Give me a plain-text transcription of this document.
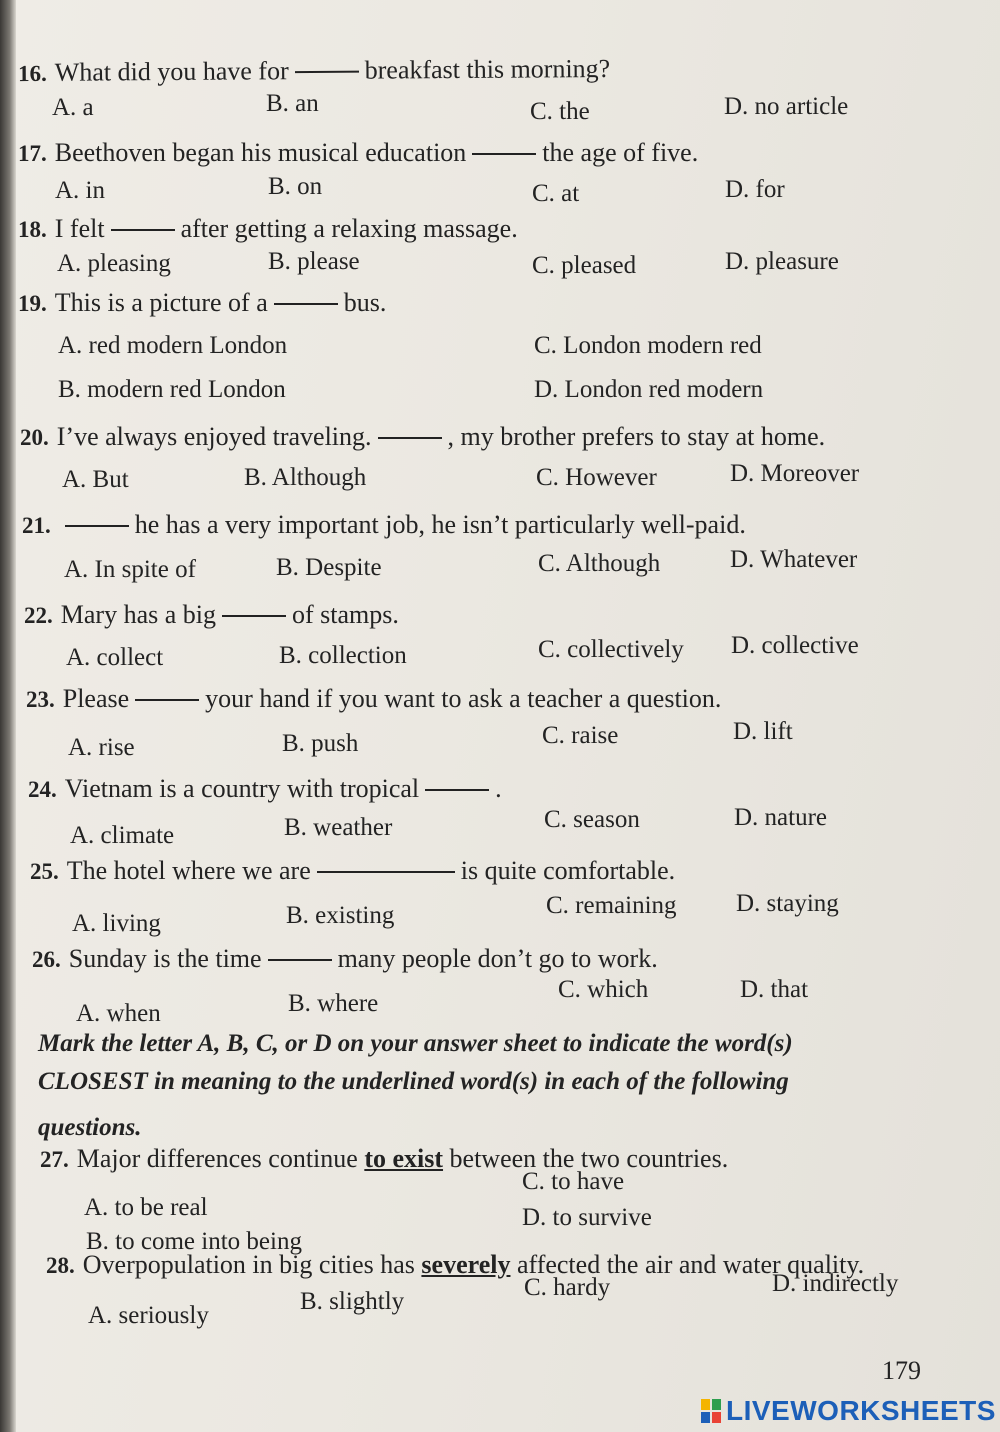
16. What did you have for	breakfast this morning?
A. a	B. an	C. the	D. no article
17. Beethoven began his musical education	the age of five.
A. in	B. on	C. at	D. for
18. I felt	after getting a relaxing massage.
A. pleasing	B. please	C. pleased	D. pleasure
19. This is a picture of a	bus.
A. red modern London
B. modern red London
C. London modern red
D. London red modern
20. I’ve always enjoyed traveling.	, my brother prefers to stay at home.
A. But	B. Although	C. However	D. Moreover
21.	he has a very important job, he isn’t particularly well-paid.
A. In spite of	B. Despite	C. Although	D. Whatever
22. Mary has a big	of stamps.
A. collect	B. collection	C. collectively D. collective
23. Please	your hand if you want to ask a teacher a question.
A. rise	B. push	C. raise	D. lift
24. Vietnam is a country with tropical	.
A. climate	B. weather	C. season	D. nature
25. The hotel where we are	is quite comfortable.
A. living	B. existing	C. remaining D. staying
26. Sunday is the time	many people don’t go to work.
A. when	B. where
C. which	D. that
Mark the letter A, B, C, or D on your answer sheet to indicate the word(s)
CLOSEST in meaning to the underlined word(s) in each of the following
questions.
27. Major differences continue to exist between the two countries.
A. to be real
B. to come into being
C. to have
D. to survive
28. Overpopulation in big cities has severely affected the air and water quality.
A. seriously
B. slightly
C. hardy	D. indirectly
179
LIVEWORKSHEETS
